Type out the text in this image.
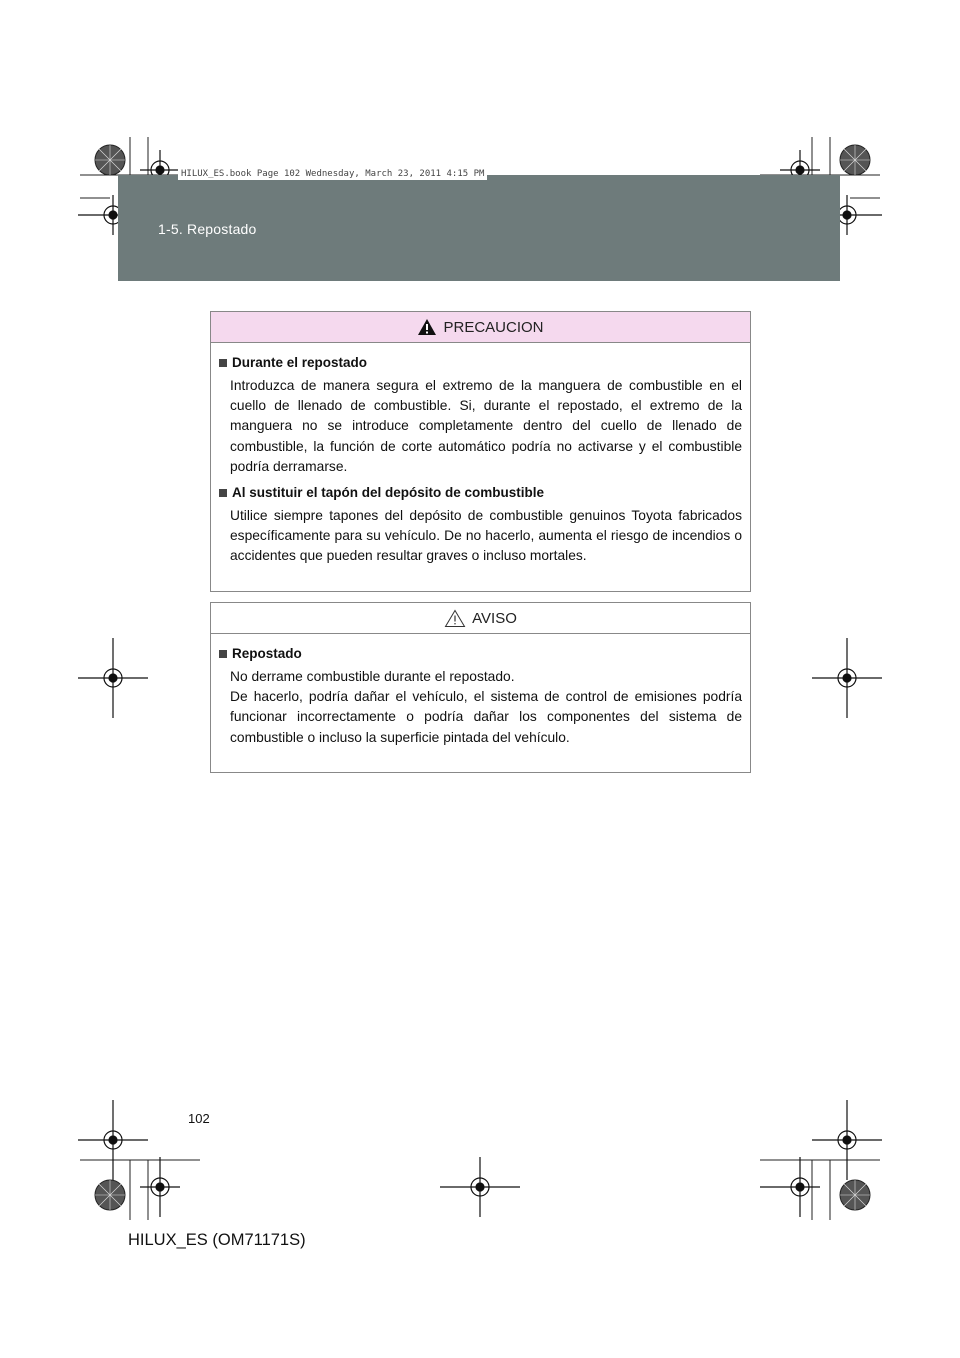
1-5. Repostado
HILUX_ES.book Page 102 Wednesday, March 23, 2011 4:15 PM
PRECAUCION
Durante el repostado

Introduzca de manera segura el extremo de la manguera de combustible en el cuello de llenado de combustible. Si, durante el repostado, el extremo de la manguera no se introduce completamente dentro del cuello de llenado de combustible, la función de corte automático podría no activarse y el combustible podría derramarse.

Al sustituir el tapón del depósito de combustible

Utilice siempre tapones del depósito de combustible genuinos Toyota fabricados específicamente para su vehículo. De no hacerlo, aumenta el riesgo de incendios o accidentes que pueden resultar graves o incluso mortales.

AVISO
Repostado

No derrame combustible durante el repostado.

De hacerlo, podría dañar el vehículo, el sistema de control de emisiones podría funcionar incorrectamente o podría dañar los componentes del sistema de combustible o incluso la superficie pintada del vehículo.

102
HILUX_ES (OM71171S)
